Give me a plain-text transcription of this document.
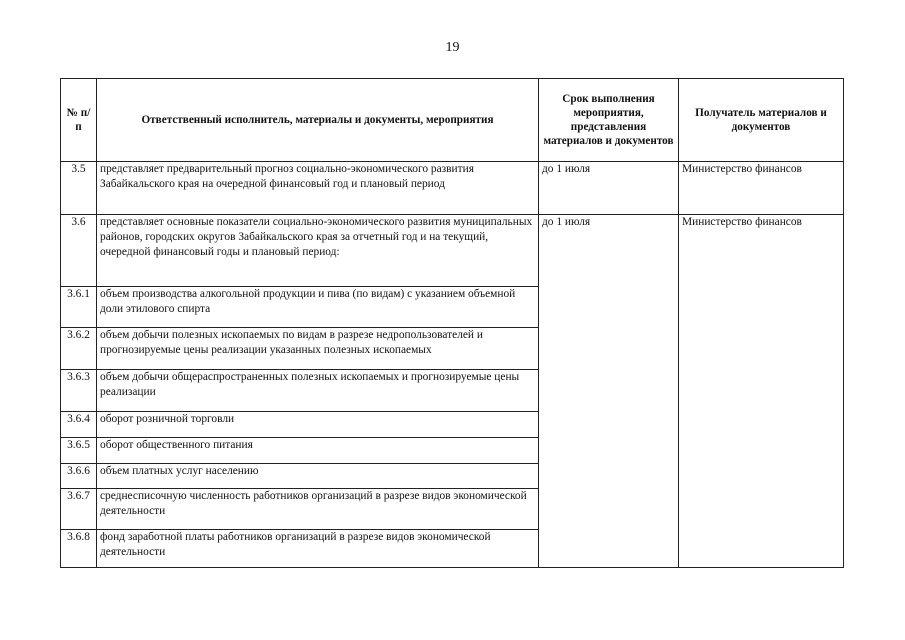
19
№ п/п	Ответственный исполнитель, материалы и документы, мероприятия	Срок выполнения мероприятия, представления материалов и документов	Получатель материалов и документов
3.5	представляет предварительный прогноз социально-экономического развития Забайкальского края на очередной финансовый год и плановый период	до 1 июля	Министерство финансов
3.6	представляет основные показатели социально-экономического развития муниципальных районов, городских округов Забайкальского края за отчетный год и на текущий, очередной финансовый годы и плановый период:	до 1 июля	Министерство финансов
3.6.1	объем производства алкогольной продукции и пива (по видам) с указанием объемной доли этилового спирта		
3.6.2	объем добычи полезных ископаемых по видам в разрезе недропользователей и прогнозируемые цены реализации указанных полезных ископаемых		
3.6.3	объем добычи общераспространенных полезных ископаемых и прогнозируемые цены реализации		
3.6.4	оборот розничной торговли		
3.6.5	оборот общественного питания		
3.6.6	объем платных услуг населению		
3.6.7	среднесписочную численность работников организаций в разрезе видов экономической деятельности		
3.6.8	фонд заработной платы работников организаций в разрезе видов экономической деятельности		
